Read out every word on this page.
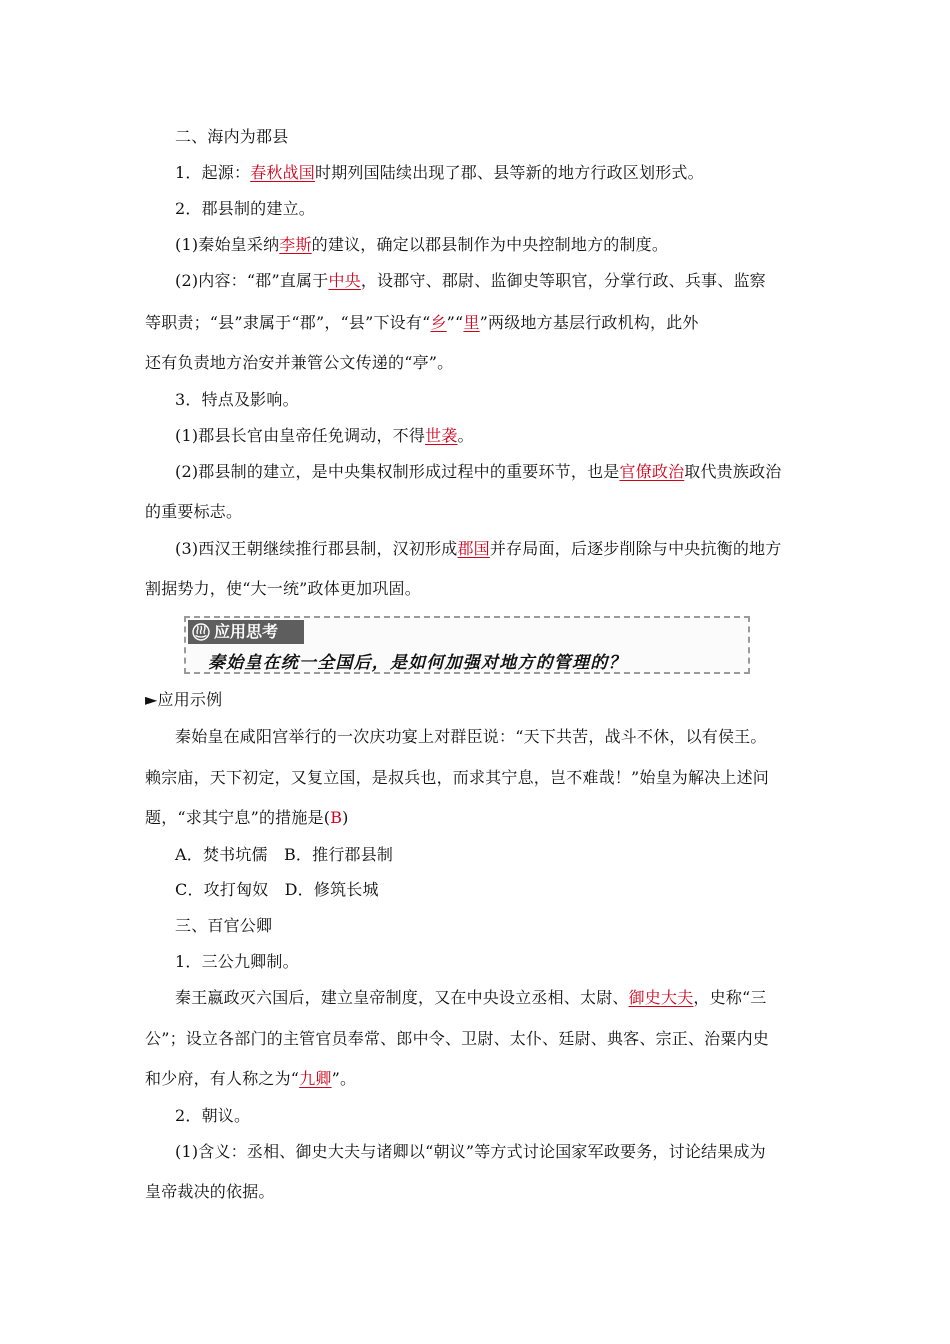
二、海内为郡县
1．起源：春秋战国时期列国陆续出现了郡、县等新的地方行政区划形式。
2．郡县制的建立。
(1)秦始皇采纳李斯的建议，确定以郡县制作为中央控制地方的制度。
(2)内容：“郡”直属于中央，设郡守、郡尉、监御史等职官，分掌行政、兵事、监察
等职责；“县”隶属于“郡”，“县”下设有“乡”“里”两级地方基层行政机构，此外
还有负责地方治安并兼管公文传递的“亭”。
3．特点及影响。
(1)郡县长官由皇帝任免调动，不得世袭。
(2)郡县制的建立，是中央集权制形成过程中的重要环节，也是官僚政治取代贵族政治
的重要标志。
(3)西汉王朝继续推行郡县制，汉初形成郡国并存局面，后逐步削除与中央抗衡的地方
割据势力，使“大一统”政体更加巩固。
应用思考
秦始皇在统一全国后，是如何加强对地方的管理的？
►应用示例
秦始皇在咸阳宫举行的一次庆功宴上对群臣说：“天下共苦，战斗不休，以有侯王。
赖宗庙，天下初定，又复立国，是叔兵也，而求其宁息，岂不难哉！”始皇为解决上述问
题，“求其宁息”的措施是(B)
A．焚书坑儒　B．推行郡县制
C．攻打匈奴　D．修筑长城
三、百官公卿
1．三公九卿制。
秦王嬴政灭六国后，建立皇帝制度，又在中央设立丞相、太尉、御史大夫，史称“三
公”；设立各部门的主管官员奉常、郎中令、卫尉、太仆、廷尉、典客、宗正、治粟内史
和少府，有人称之为“九卿”。
2．朝议。
(1)含义：丞相、御史大夫与诸卿以“朝议”等方式讨论国家军政要务，讨论结果成为
皇帝裁决的依据。
